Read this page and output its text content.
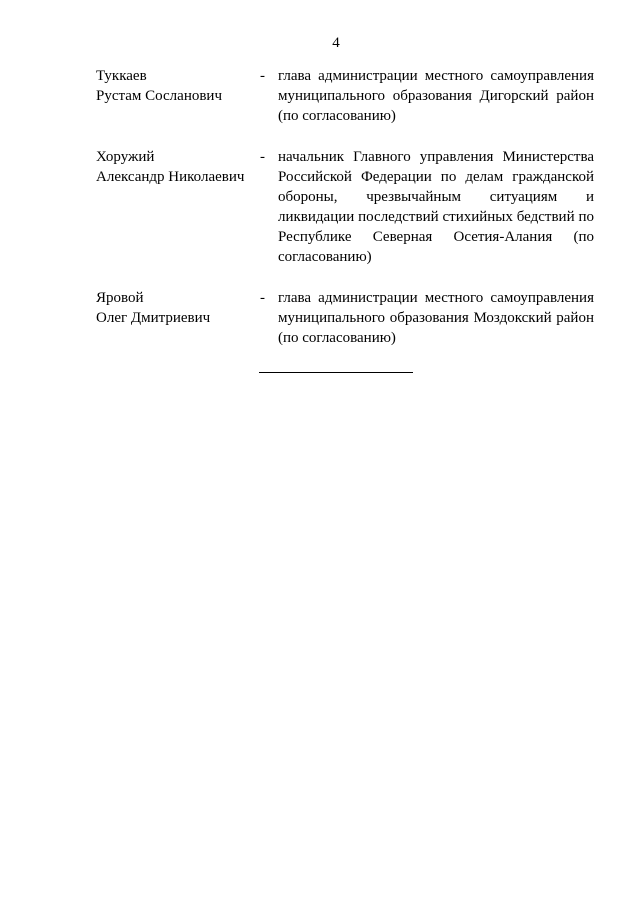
4
Туккаев
Рустам Сосланович
- глава администрации местного самоуправления муниципального образования Дигорский район (по согласованию)
Хоружий
Александр Николаевич
- начальник Главного управления Министерства Российской Федерации по делам гражданской обороны, чрезвычайным ситуациям и ликвидации последствий стихийных бедствий по Республике Северная Осетия-Алания (по согласованию)
Яровой
Олег Дмитриевич
- глава администрации местного самоуправления муниципального образования Моздокский район (по согласованию)
